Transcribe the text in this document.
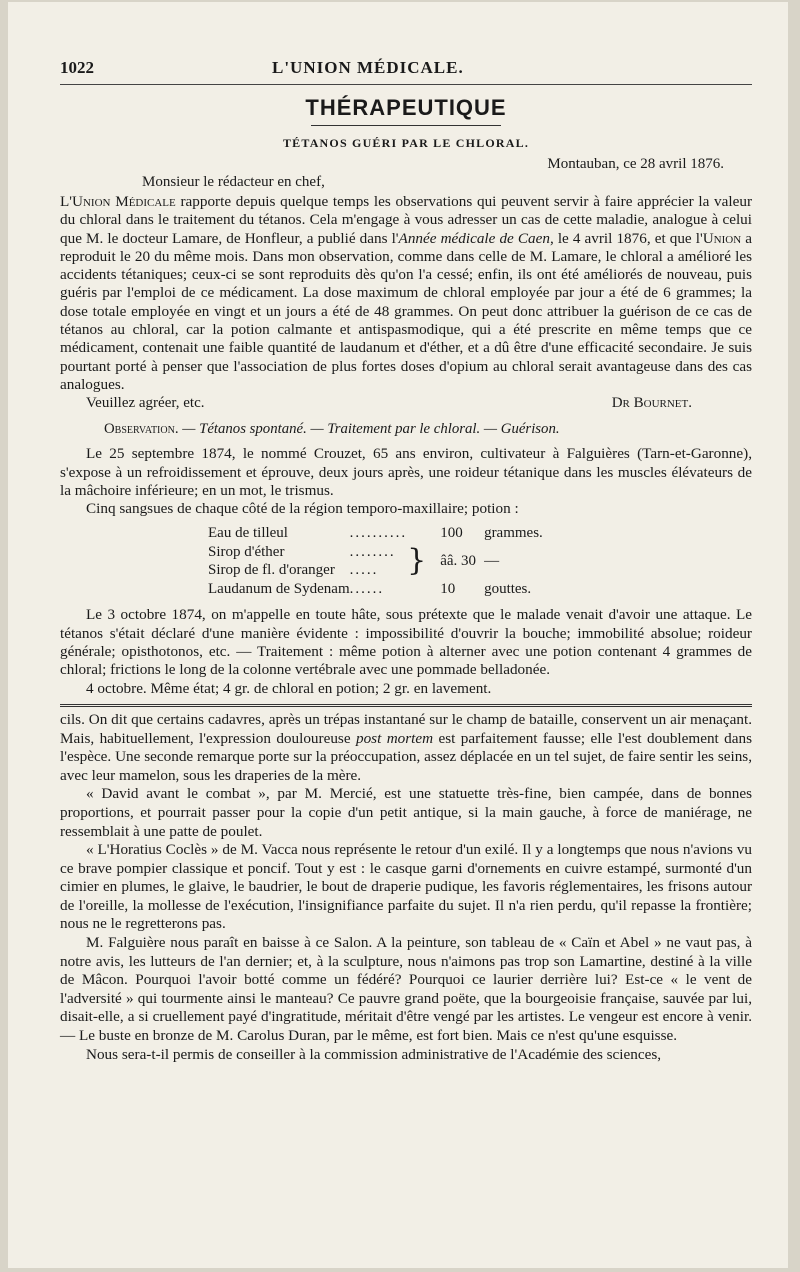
1022	L'UNION MÉDICALE.
THÉRAPEUTIQUE
TÉTANOS GUÉRI PAR LE CHLORAL.
Montauban, ce 28 avril 1876.
Monsieur le rédacteur en chef,

L'Union Médicale rapporte depuis quelque temps les observations qui peuvent servir à faire apprécier la valeur du chloral dans le traitement du tétanos. Cela m'engage à vous adresser un cas de cette maladie, analogue à celui que M. le docteur Lamare, de Honfleur, a publié dans l'Année médicale de Caen, le 4 avril 1876, et que l'Union a reproduit le 20 du même mois. Dans mon observation, comme dans celle de M. Lamare, le chloral a amélioré les accidents tétaniques; ceux-ci se sont reproduits dès qu'on l'a cessé; enfin, ils ont été améliorés de nouveau, puis guéris par l'emploi de ce médicament. La dose maximum de chloral employée par jour a été de 6 grammes; la dose totale employée en vingt et un jours a été de 48 grammes. On peut donc attribuer la guérison de ce cas de tétanos au chloral, car la potion calmante et antispasmodique, qui a été prescrite en même temps que ce médicament, contenait une faible quantité de laudanum et d'éther, et a dû être d'une efficacité secondaire. Je suis pourtant porté à penser que l'association de plus fortes doses d'opium au chloral serait avantageuse dans des cas analogues.

Veuillez agréer, etc.	Dr Bournet.
Observation. — Tétanos spontané. — Traitement par le chloral. — Guérison.

Le 25 septembre 1874, le nommé Crouzet, 65 ans environ, cultivateur à Falguières (Tarn-et-Garonne), s'expose à un refroidissement et éprouve, deux jours après, une roideur tétanique dans les muscles élévateurs de la mâchoire inférieure; en un mot, le trismus.

Cinq sangsues de chaque côté de la région temporo-maxillaire; potion :

Eau de tilleul	..........		100	grammes.
Sirop d'éther	........	}	ââ. 30	—
Sirop de fl. d'oranger	.....			
Laudanum de Sydenam	......		10	gouttes.

Le 3 octobre 1874, on m'appelle en toute hâte, sous prétexte que le malade venait d'avoir une attaque. Le tétanos s'était déclaré d'une manière évidente : impossibilité d'ouvrir la bouche; immobilité absolue; roideur générale; opisthotonos, etc. — Traitement : même potion à alterner avec une potion contenant 4 grammes de chloral; frictions le long de la colonne vertébrale avec une pommade belladonée.

4 octobre. Même état; 4 gr. de chloral en potion; 2 gr. en lavement.

cils. On dit que certains cadavres, après un trépas instantané sur le champ de bataille, conservent un air menaçant. Mais, habituellement, l'expression douloureuse post mortem est parfaitement fausse; elle l'est doublement dans l'espèce. Une seconde remarque porte sur la préoccupation, assez déplacée en un tel sujet, de faire sentir les seins, avec leur mamelon, sous les draperies de la mère.

« David avant le combat », par M. Mercié, est une statuette très-fine, bien campée, dans de bonnes proportions, et pourrait passer pour la copie d'un petit antique, si la main gauche, à force de maniérage, ne ressemblait à une patte de poulet.

« L'Horatius Coclès » de M. Vacca nous représente le retour d'un exilé. Il y a longtemps que nous n'avions vu ce brave pompier classique et poncif. Tout y est : le casque garni d'ornements en cuivre estampé, surmonté d'un cimier en plumes, le glaive, le baudrier, le bout de draperie pudique, les favoris réglementaires, les frisons autour de l'oreille, la mollesse de l'exécution, l'insignifiance parfaite du sujet. Il n'a rien perdu, qu'il repasse la frontière; nous ne le regretterons pas.

M. Falguière nous paraît en baisse à ce Salon. A la peinture, son tableau de « Caïn et Abel » ne vaut pas, à notre avis, les lutteurs de l'an dernier; et, à la sculpture, nous n'aimons pas trop son Lamartine, destiné à la ville de Mâcon. Pourquoi l'avoir botté comme un fédéré? Pourquoi ce laurier derrière lui? Est-ce « le vent de l'adversité » qui tourmente ainsi le manteau? Ce pauvre grand poëte, que la bourgeoisie française, sauvée par lui, disait-elle, a si cruellement payé d'ingratitude, méritait d'être vengé par les artistes. Le vengeur est encore à venir. — Le buste en bronze de M. Carolus Duran, par le même, est fort bien. Mais ce n'est qu'une esquisse.

Nous sera-t-il permis de conseiller à la commission administrative de l'Académie des sciences,
